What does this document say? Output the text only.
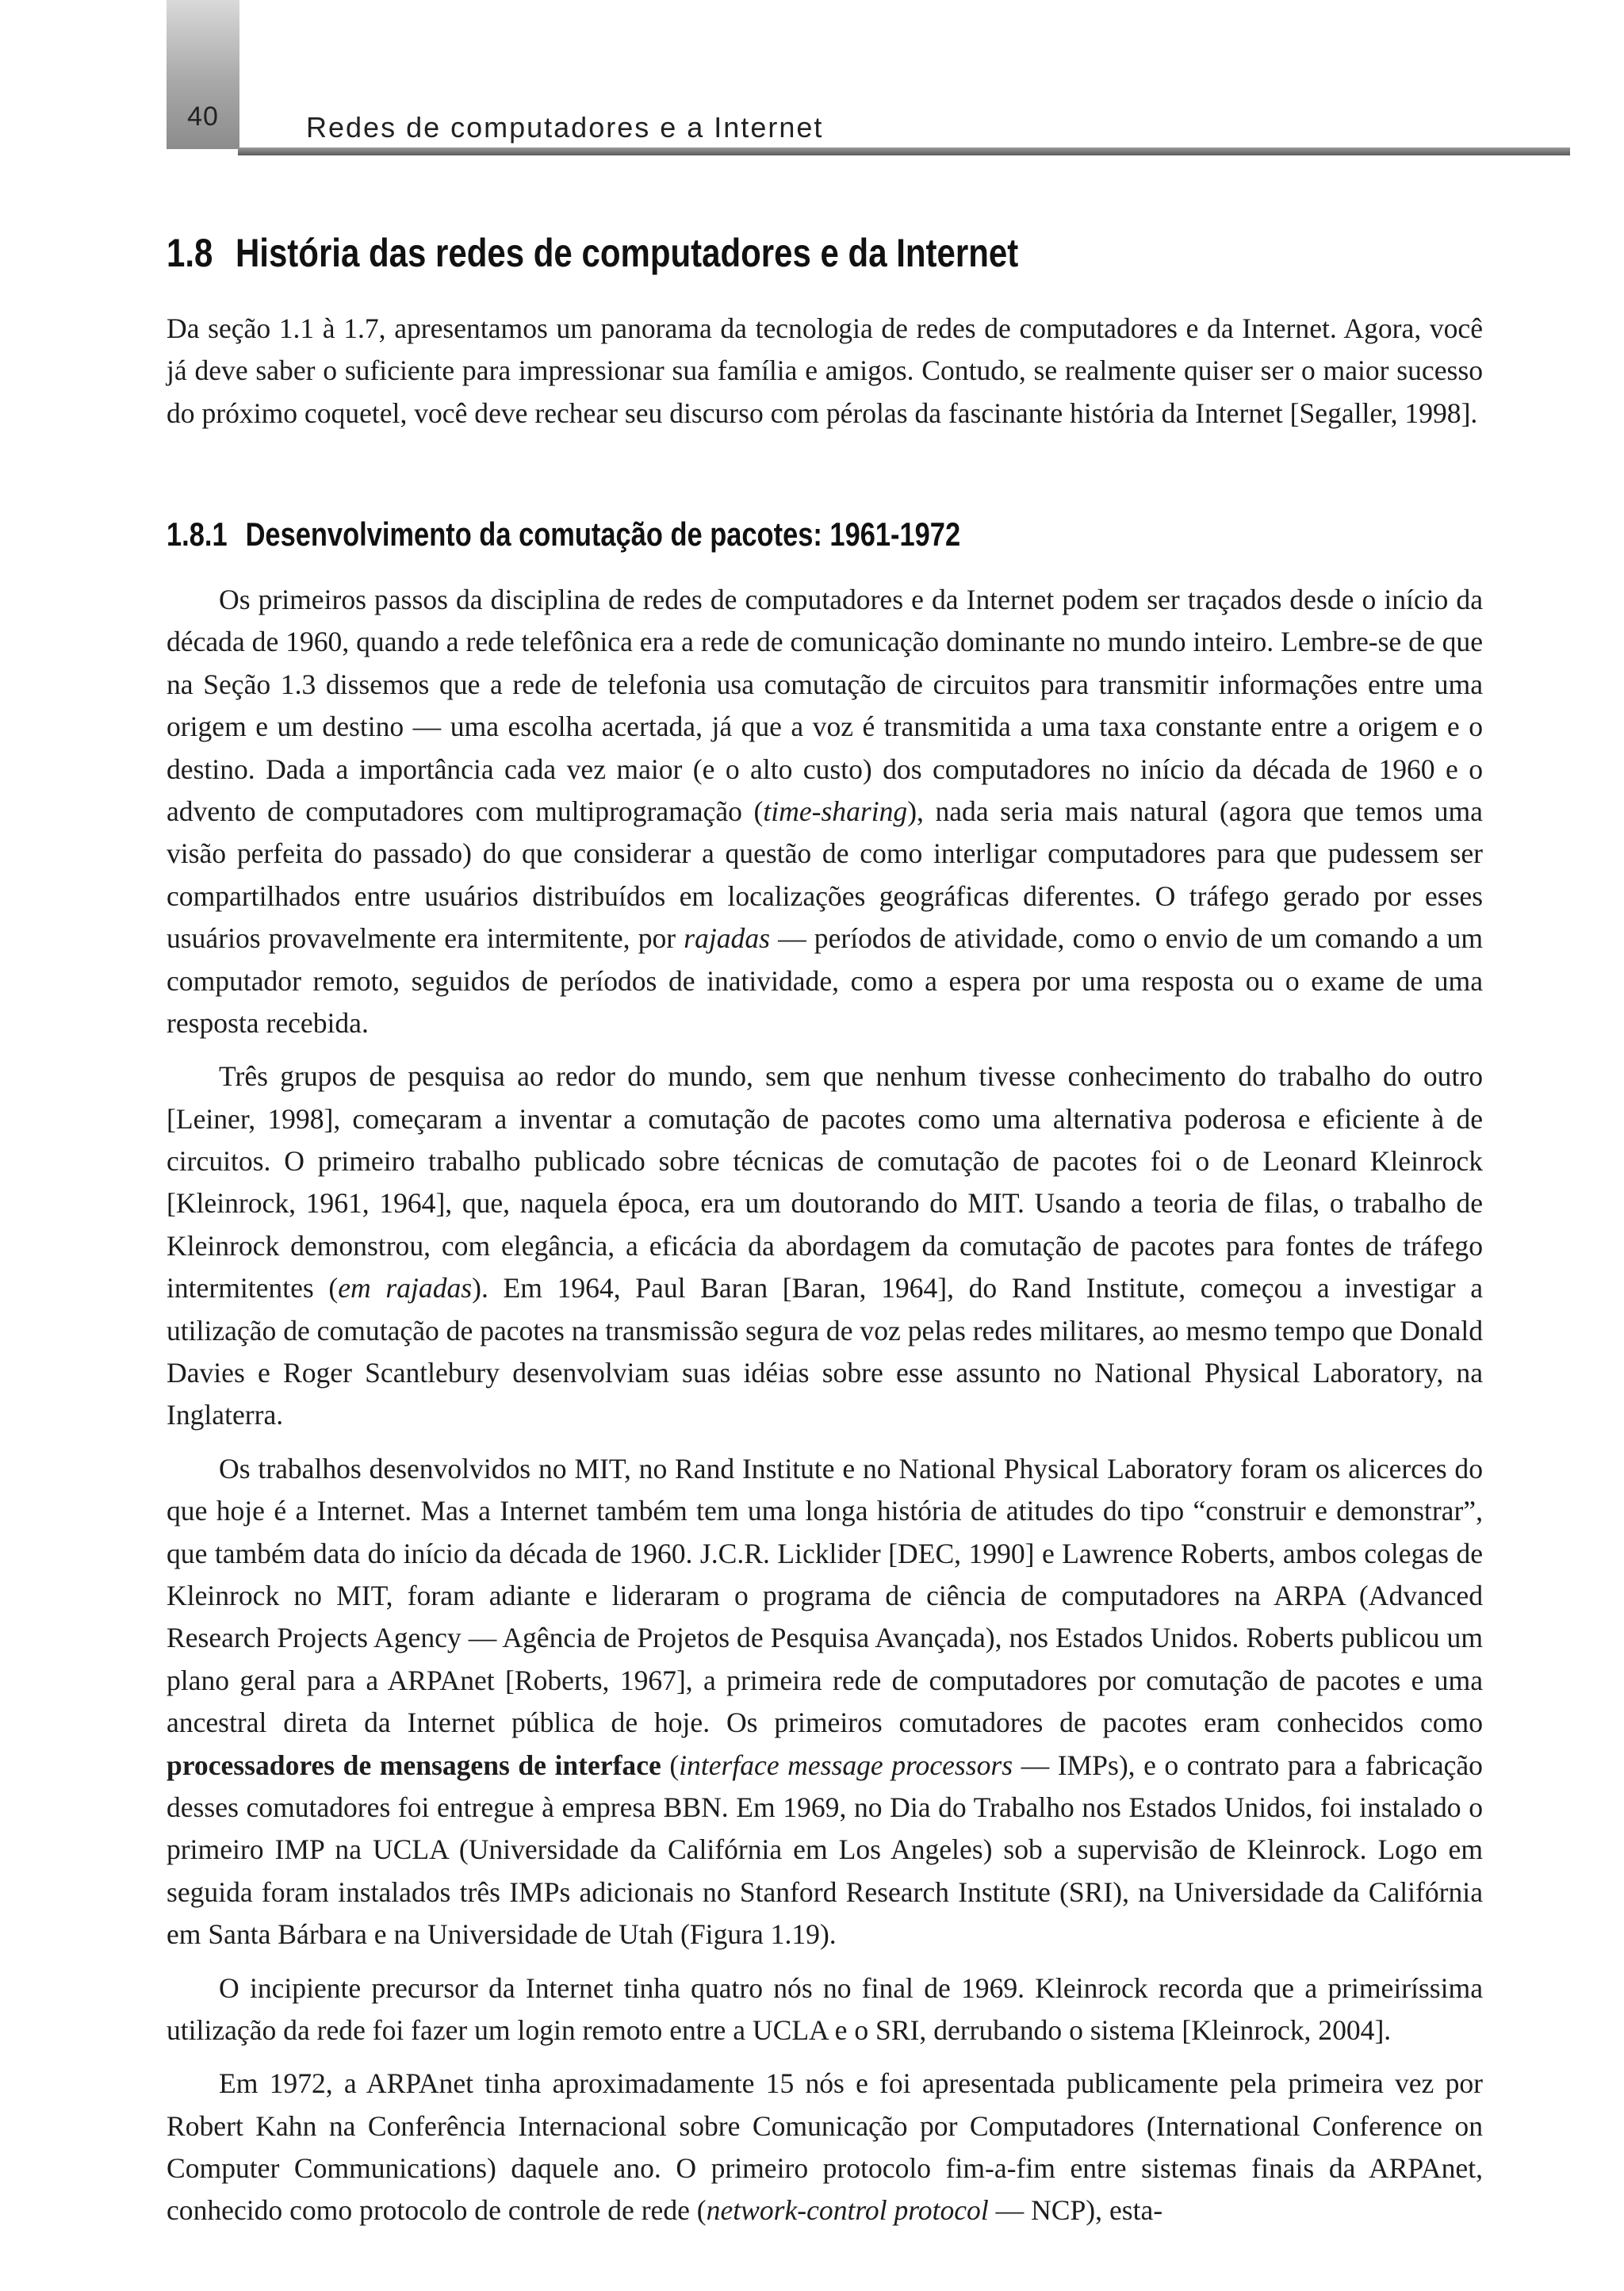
40	Redes de computadores e a Internet
1.8 História das redes de computadores e da Internet

Da seção 1.1 à 1.7, apresentamos um panorama da tecnologia de redes de computadores e da Internet. Agora, você já deve saber o suficiente para impressionar sua família e amigos. Contudo, se realmente quiser ser o maior sucesso do próximo coquetel, você deve rechear seu discurso com pérolas da fascinante história da Internet [Segaller, 1998].

1.8.1 Desenvolvimento da comutação de pacotes: 1961-1972

Os primeiros passos da disciplina de redes de computadores e da Internet podem ser traçados desde o início da década de 1960, quando a rede telefônica era a rede de comunicação dominante no mundo inteiro. Lembre-se de que na Seção 1.3 dissemos que a rede de telefonia usa comutação de circuitos para transmitir informações entre uma origem e um destino — uma escolha acertada, já que a voz é transmitida a uma taxa constante entre a origem e o destino. Dada a importância cada vez maior (e o alto custo) dos computadores no início da década de 1960 e o advento de computadores com multiprogramação (time-sharing), nada seria mais natural (agora que temos uma visão perfeita do passado) do que considerar a questão de como interligar computadores para que pudessem ser compartilhados entre usuários distribuídos em localizações geográficas diferentes. O tráfego gerado por esses usuários provavelmente era intermitente, por rajadas — períodos de atividade, como o envio de um comando a um computador remoto, seguidos de períodos de inatividade, como a espera por uma resposta ou o exame de uma resposta recebida.

Três grupos de pesquisa ao redor do mundo, sem que nenhum tivesse conhecimento do trabalho do outro [Leiner, 1998], começaram a inventar a comutação de pacotes como uma alternativa poderosa e eficiente à de circuitos. O primeiro trabalho publicado sobre técnicas de comutação de pacotes foi o de Leonard Kleinrock [Kleinrock, 1961, 1964], que, naquela época, era um doutorando do MIT. Usando a teoria de filas, o trabalho de Kleinrock demonstrou, com elegância, a eficácia da abordagem da comutação de pacotes para fontes de tráfego intermitentes (em rajadas). Em 1964, Paul Baran [Baran, 1964], do Rand Institute, começou a investigar a utilização de comutação de pacotes na transmissão segura de voz pelas redes militares, ao mesmo tempo que Donald Davies e Roger Scantlebury desenvolviam suas idéias sobre esse assunto no National Physical Laboratory, na Inglaterra.

Os trabalhos desenvolvidos no MIT, no Rand Institute e no National Physical Laboratory foram os alicerces do que hoje é a Internet. Mas a Internet também tem uma longa história de atitudes do tipo “construir e demonstrar”, que também data do início da década de 1960. J.C.R. Licklider [DEC, 1990] e Lawrence Roberts, ambos colegas de Kleinrock no MIT, foram adiante e lideraram o programa de ciência de computadores na ARPA (Advanced Research Projects Agency — Agência de Projetos de Pesquisa Avançada), nos Estados Unidos. Roberts publicou um plano geral para a ARPAnet [Roberts, 1967], a primeira rede de computadores por comutação de pacotes e uma ancestral direta da Internet pública de hoje. Os primeiros comutadores de pacotes eram conhecidos como processadores de mensagens de interface (interface message processors — IMPs), e o contrato para a fabricação desses comutadores foi entregue à empresa BBN. Em 1969, no Dia do Trabalho nos Estados Unidos, foi instalado o primeiro IMP na UCLA (Universidade da Califórnia em Los Angeles) sob a supervisão de Kleinrock. Logo em seguida foram instalados três IMPs adicionais no Stanford Research Institute (SRI), na Universidade da Califórnia em Santa Bárbara e na Universidade de Utah (Figura 1.19).

O incipiente precursor da Internet tinha quatro nós no final de 1969. Kleinrock recorda que a primeiríssima utilização da rede foi fazer um login remoto entre a UCLA e o SRI, derrubando o sistema [Kleinrock, 2004].

Em 1972, a ARPAnet tinha aproximadamente 15 nós e foi apresentada publicamente pela primeira vez por Robert Kahn na Conferência Internacional sobre Comunicação por Computadores (International Conference on Computer Communications) daquele ano. O primeiro protocolo fim-a-fim entre sistemas finais da ARPAnet, conhecido como protocolo de controle de rede (network-control protocol — NCP), esta-
